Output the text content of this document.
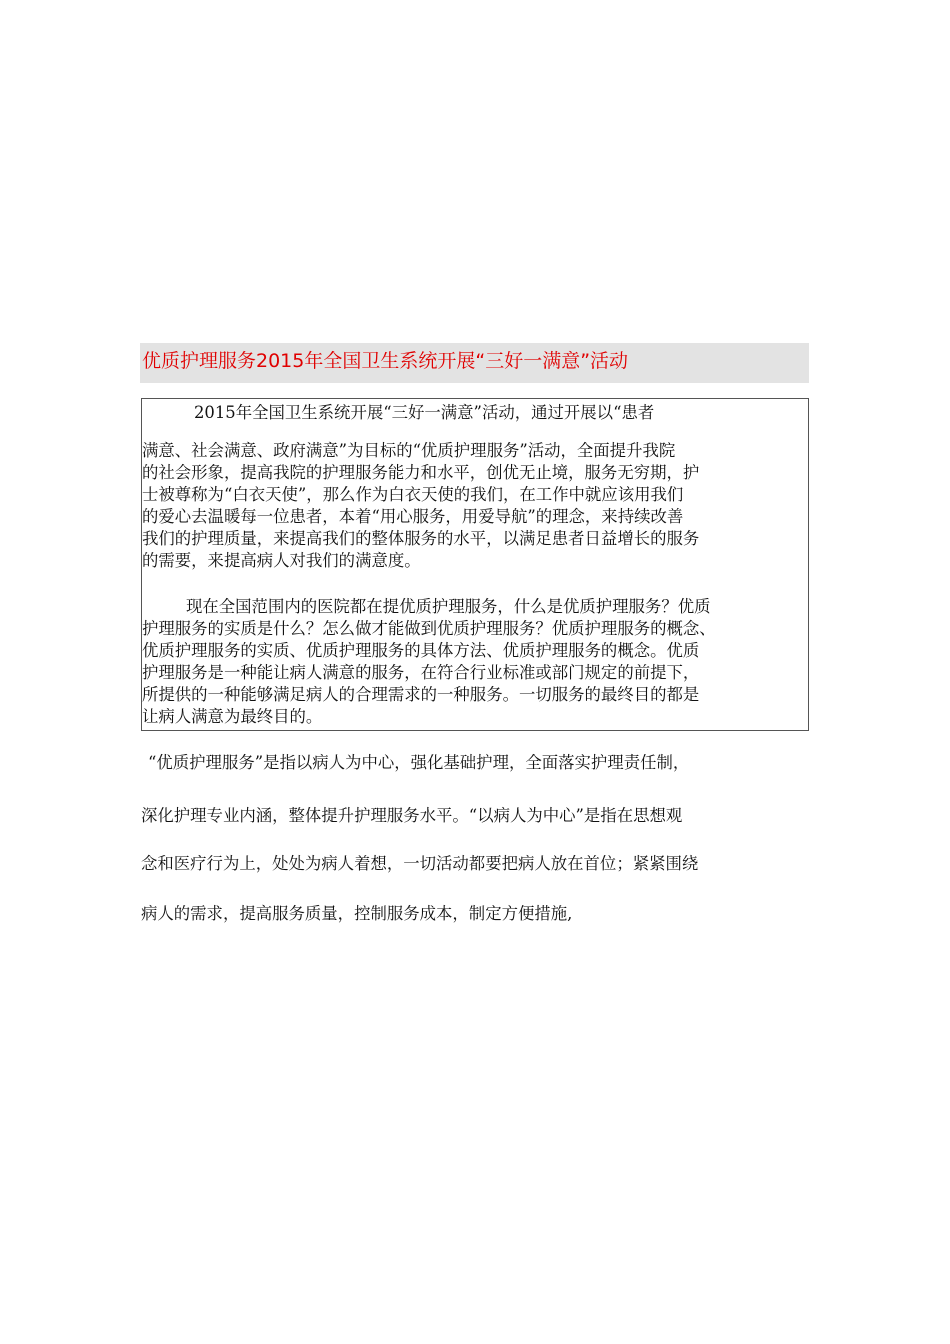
优质护理服务2015年全国卫生系统开展“三好一满意”活动
2015年全国卫生系统开展“三好一满意”活动，通过开展以“患者
满意、社会满意、政府满意”为目标的“优质护理服务”活动，全面提升我院
的社会形象，提高我院的护理服务能力和水平，创优无止境，服务无穷期，护
士被尊称为“白衣天使”，那么作为白衣天使的我们，在工作中就应该用我们
的爱心去温暖每一位患者，本着“用心服务，用爱导航”的理念，来持续改善
我们的护理质量，来提高我们的整体服务的水平，以满足患者日益增长的服务
的需要，来提高病人对我们的满意度。
现在全国范围内的医院都在提优质护理服务，什么是优质护理服务？优质
护理服务的实质是什么？怎么做才能做到优质护理服务？优质护理服务的概念、
优质护理服务的实质、优质护理服务的具体方法、优质护理服务的概念。优质
护理服务是一种能让病人满意的服务，在符合行业标准或部门规定的前提下，
所提供的一种能够满足病人的合理需求的一种服务。一切服务的最终目的都是
让病人满意为最终目的。
“优质护理服务”是指以病人为中心，强化基础护理，全面落实护理责任制，
深化护理专业内涵，整体提升护理服务水平。“以病人为中心”是指在思想观
念和医疗行为上，处处为病人着想，一切活动都要把病人放在首位；紧紧围绕
病人的需求，提高服务质量，控制服务成本，制定方便措施,
